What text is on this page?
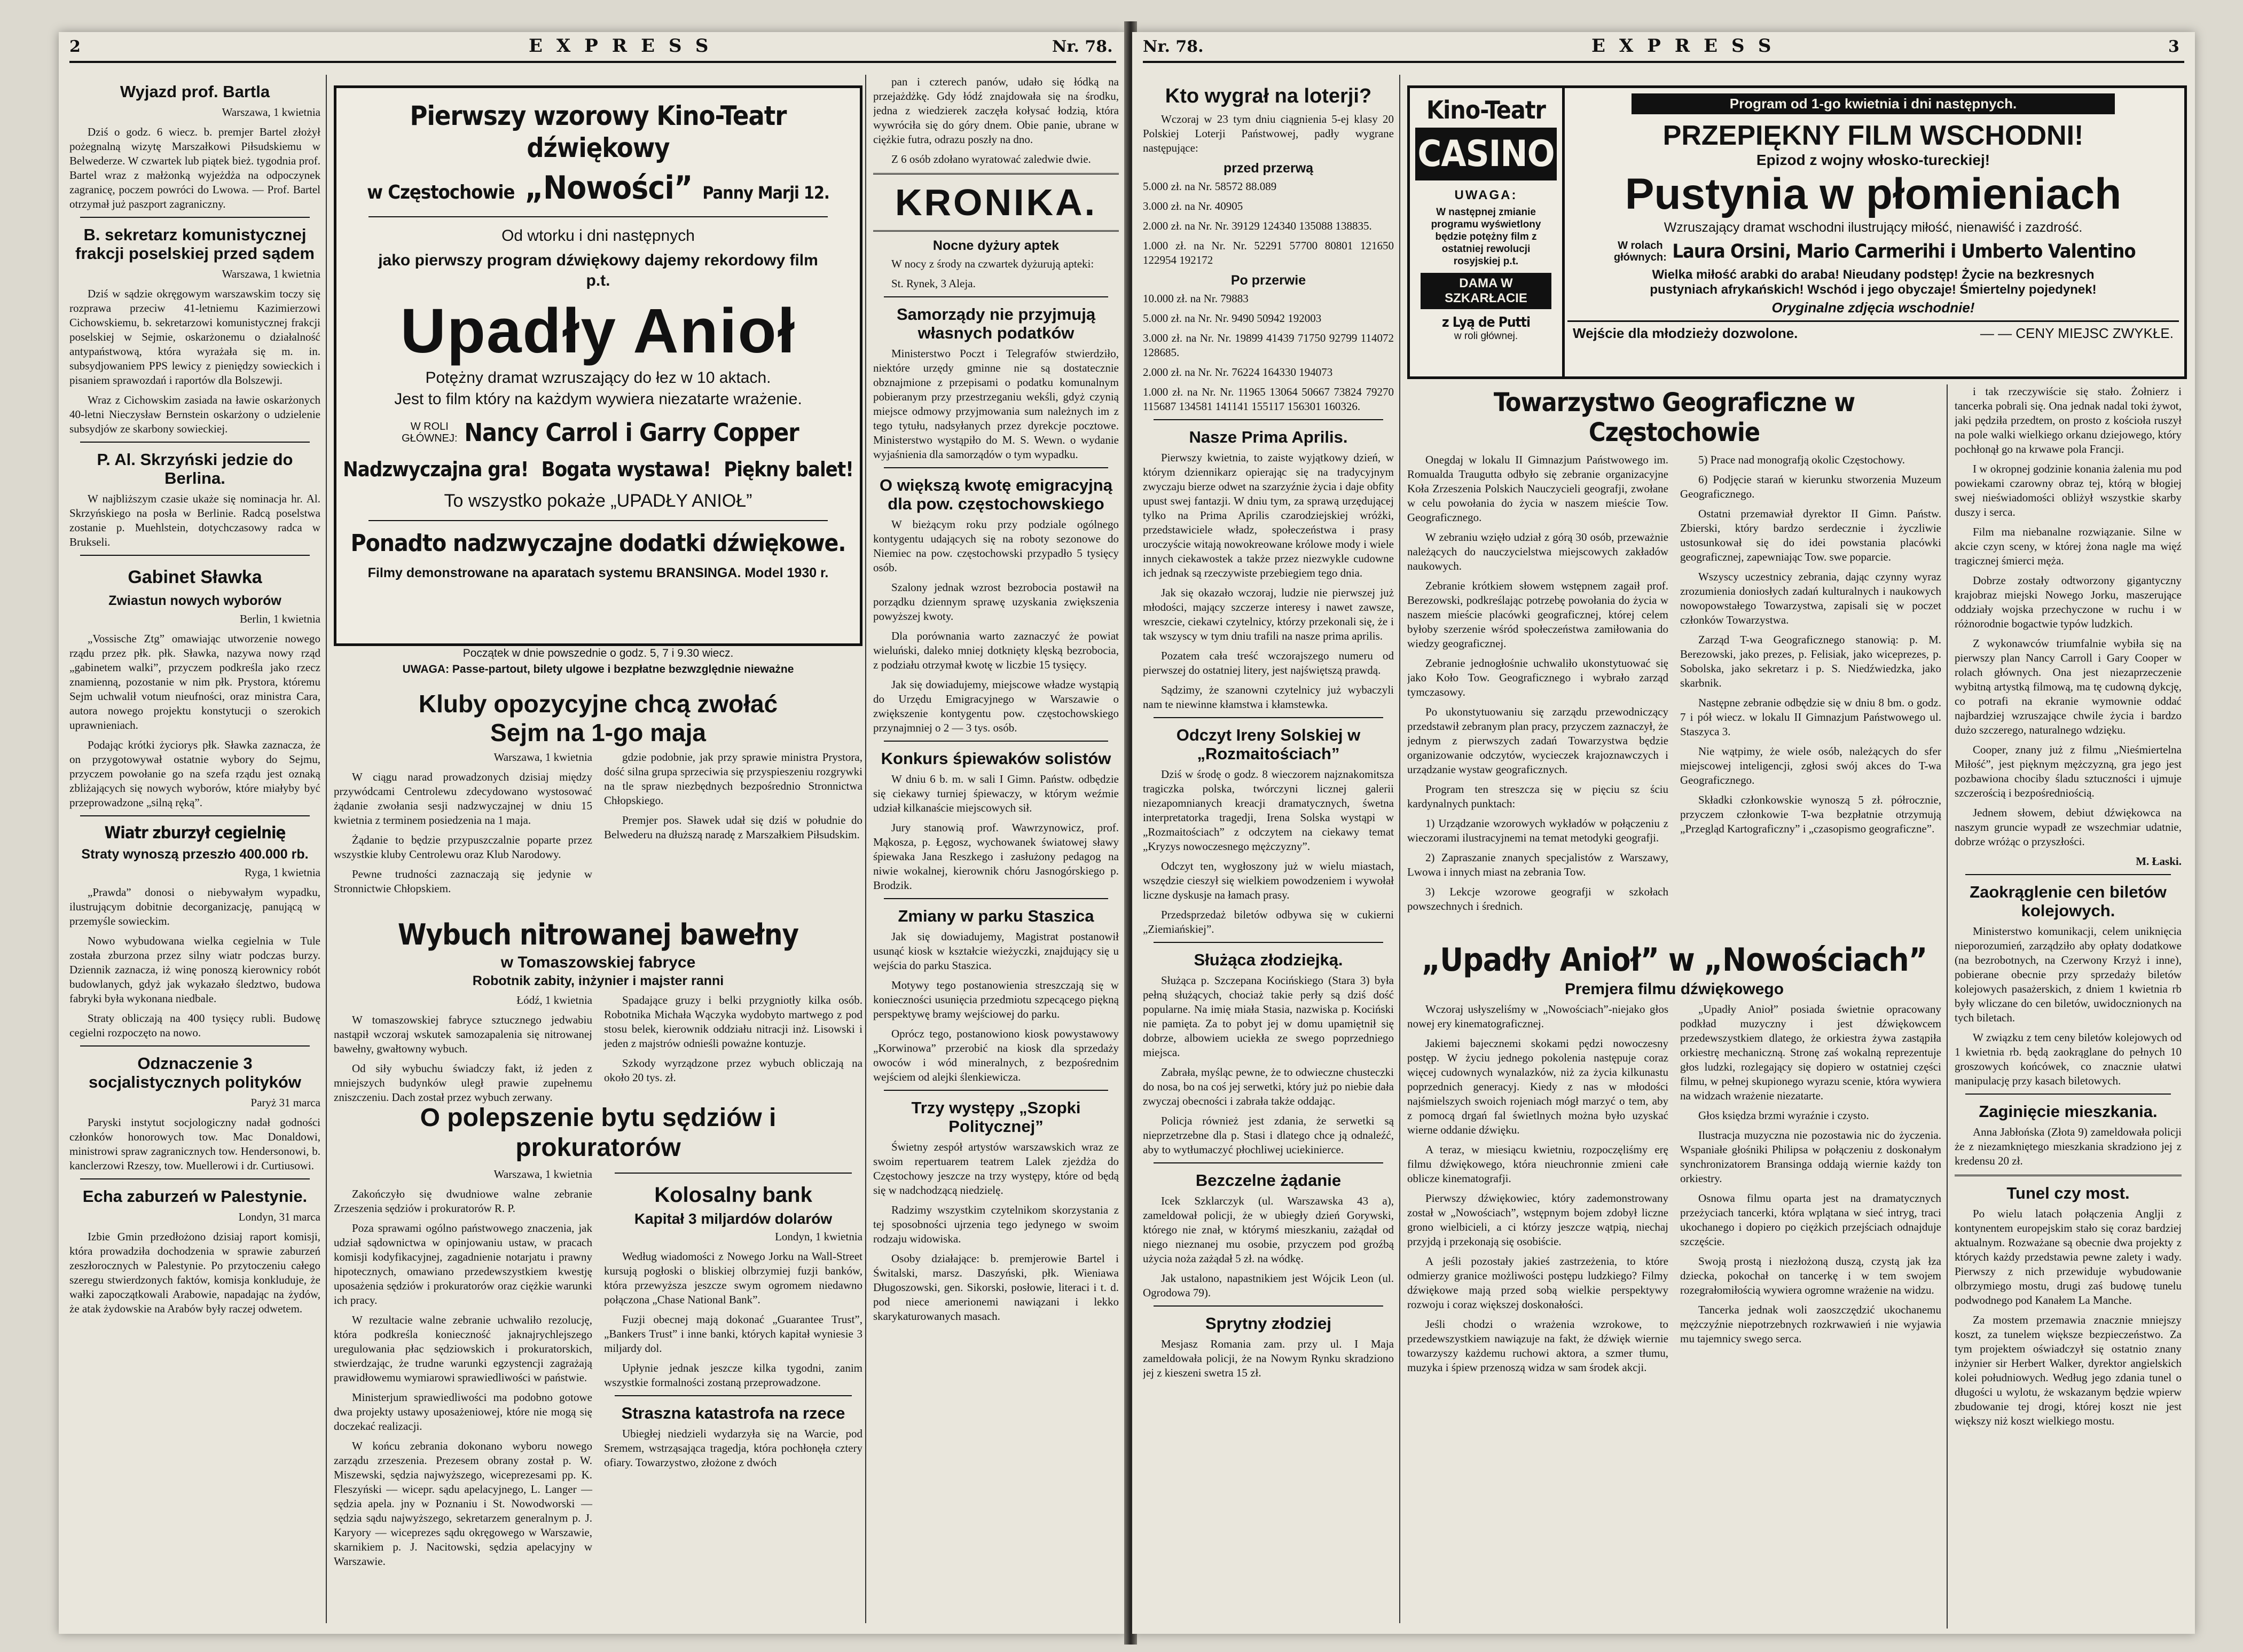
2	EXPRESS	Nr. 78.
Wyjazd prof. Bartla

Warszawa, 1 kwietnia

Dziś o godz. 6 wiecz. b. premjer Bartel złożył pożegnalną wizytę Marszałkowi Piłsudskiemu w Belwederze. W czwartek lub piątek bież. tygodnia prof. Bartel wraz z małżonką wyjeżdża na odpoczynek zagranicę, poczem powróci do Lwowa. — Prof. Bartel otrzymał już paszport zagraniczny.

B. sekretarz komunistycznej frakcji poselskiej przed sądem

Warszawa, 1 kwietnia

Dziś w sądzie okręgowym warszawskim toczy się rozprawa przeciw 41-letniemu Kazimierzowi Cichowskiemu, b. sekretarzowi komunistycznej frakcji poselskiej w Sejmie, oskarżonemu o działalność antypaństwową, która wyrażała się m. in. subsydjowaniem PPS lewicy z pieniędzy sowieckich i pisaniem sprawozdań i raportów dla Bolszewji.

Wraz z Cichowskim zasiada na ławie oskarżonych 40-letni Nieczysław Bernstein oskarżony o udzielenie subsydjów ze skarbony sowieckiej.

P. Al. Skrzyński jedzie do Berlina.

W najbliższym czasie ukaże się nominacja hr. Al. Skrzyńskiego na posła w Berlinie. Radcą poselstwa zostanie p. Muehlstein, dotychczasowy radca w Brukseli.

Gabinet Sławka
Zwiastun nowych wyborów

Berlin, 1 kwietnia

„Vossische Ztg” omawiając utworzenie nowego rządu przez płk. płk. Sławka, nazywa nowy rząd „gabinetem walki”, przyczem podkreśla jako rzecz znamienną, pozostanie w nim płk. Prystora, któremu Sejm uchwalił votum nieufności, oraz ministra Cara, autora nowego projektu konstytucji o szerokich uprawnieniach.

Podając krótki życiorys płk. Sławka zaznacza, że on przygotowywał ostatnie wybory do Sejmu, przyczem powołanie go na szefa rządu jest oznaką zbliżających się nowych wyborów, które miałyby być przeprowadzone „silną ręką”.

Wiatr zburzył cegielnię
Straty wynoszą przeszło 400.000 rb.

Ryga, 1 kwietnia

„Prawda” donosi o niebywałym wypadku, ilustrującym dobitnie decorganizację, panującą w przemyśle sowieckim.

Nowo wybudowana wielka cegielnia w Tule została zburzona przez silny wiatr podczas burzy. Dziennik zaznacza, iż winę ponoszą kierownicy robót budowlanych, gdyż jak wykazało śledztwo, budowa fabryki była wykonana niedbale.

Straty obliczają na 400 tysięcy rubli. Budowę cegielni rozpoczęto na nowo.

Odznaczenie 3 socjalistycznych polityków

Paryż 31 marca

Paryski instytut socjologiczny nadał godności członków honorowych tow. Mac Donaldowi, ministrowi spraw zagranicznych tow. Hendersonowi, b. kanclerzowi Rzeszy, tow. Muellerowi i dr. Curtiusowi.

Echa zaburzeń w Palestynie.

Londyn, 31 marca

Izbie Gmin przedłożono dzisiaj raport komisji, która prowadziła dochodzenia w sprawie zaburzeń zeszłorocznych w Palestynie. Po przytoczeniu całego szeregu stwierdzonych faktów, komisja konkluduje, że wałki zapoczątkowali Arabowie, napadając na żydów, że atak żydowskie na Arabów były raczej odwetem.

Pierwszy wzorowy Kino-Teatr dźwiękowy
w Częstochowie „Nowości” Panny Marji 12.
Od wtorku i dni następnych
jako pierwszy program dźwiękowy dajemy rekordowy film p.t.
Upadły Anioł
Potężny dramat wzruszający do łez w 10 aktach.
Jest to film który na każdym wywiera niezatarte wrażenie.
W ROLI GŁÓWNEJ: Nancy Carrol i Garry Copper
Nadzwyczajna gra! Bogata wystawa! Piękny balet!
To wszystko pokaże „UPADŁY ANIOŁ”
Ponadto nadzwyczajne dodatki dźwiękowe.
Filmy demonstrowane na aparatach systemu BRANSINGA. Model 1930 r.
Początek w dnie powszednie o godz. 5, 7 i 9.30 wiecz.
UWAGA: Passe-partout, bilety ulgowe i bezpłatne bezwzględnie nieważne
Kluby opozycyjne chcą zwołać Sejm na 1-go maja

Warszawa, 1 kwietnia

W ciągu narad prowadzonych dzisiaj między przywódcami Centrolewu zdecydowano wystosować żądanie zwołania sesji nadzwyczajnej w dniu 15 kwietnia z terminem posiedzenia na 1 maja.

Żądanie to będzie przypuszczalnie poparte przez wszystkie kluby Centrolewu oraz Klub Narodowy.

Pewne trudności zaznaczają się jedynie w Stronnictwie Chłopskiem.

gdzie podobnie, jak przy sprawie ministra Prystora, dość silna grupa sprzeciwia się przyspieszeniu rozgrywki na tle spraw niezbędnych bezpośrednio Stronnictwa Chłopskiego.

Premjer pos. Sławek udał się dziś w południe do Belwederu na dłuższą naradę z Marszałkiem Piłsudskim.

Wybuch nitrowanej bawełny
w Tomaszowskiej fabryce
Robotnik zabity, inżynier i majster ranni

Łódź, 1 kwietnia

W tomaszowskiej fabryce sztucznego jedwabiu nastąpił wczoraj wskutek samozapalenia się nitrowanej bawełny, gwałtowny wybuch.

Od siły wybuchu świadczy fakt, iż jeden z mniejszych budynków uległ prawie zupełnemu zniszczeniu. Dach został przez wybuch zerwany.

Spadające gruzy i belki przygniotły kilka osób. Robotnika Michała Wączyka wydobyto martwego z pod stosu belek, kierownik oddziału nitracji inż. Lisowski i jeden z majstrów odnieśli poważne kontuzje.

Szkody wyrządzone przez wybuch obliczają na około 20 tys. zł.

O polepszenie bytu sędziów i prokuratorów

Warszawa, 1 kwietnia

Zakończyło się dwudniowe walne zebranie Zrzeszenia sędziów i prokuratorów R. P.

Poza sprawami ogólno państwowego znaczenia, jak udział sądownictwa w opinjowaniu ustaw, w pracach komisji kodyfikacyjnej, zagadnienie notarjatu i prawny hipotecznych, omawiano przedewszystkiem kwestję uposażenia sędziów i prokuratorów oraz ciężkie warunki ich pracy.

W rezultacie walne zebranie uchwaliło rezolucję, która podkreśla konieczność jaknajrychlejszego uregulowania płac sędziowskich i prokuratorskich, stwierdzając, że trudne warunki egzystencji zagrażają prawidłowemu wymiarowi sprawiedliwości w państwie.

Ministerjum sprawiedliwości ma podobno gotowe dwa projekty ustawy uposażeniowej, które nie mogą się doczekać realizacji.

W końcu zebrania dokonano wyboru nowego zarządu zrzeszenia. Prezesem obrany został p. W. Miszewski, sędzia najwyższego, wiceprezesami pp. K. Fleszyński — wicepr. sądu apelacyjnego, L. Langer — sędzia apela. jny w Poznaniu i St. Nowodworski — sędzia sądu najwyższego, sekretarzem generalnym p. J. Karyory — wiceprezes sądu okręgowego w Warszawie, skarnikiem p. J. Nacitowski, sędzia apelacyjny w Warszawie.

Kolosalny bank
Kapitał 3 miljardów dolarów

Londyn, 1 kwietnia

Według wiadomości z Nowego Jorku na Wall-Street kursują pogłoski o bliskiej olbrzymiej fuzji banków, która przewyższa jeszcze swym ogromem niedawno połączona „Chase National Bank”.

Fuzji obecnej mają dokonać „Guarantee Trust”, „Bankers Trust” i inne banki, których kapitał wyniesie 3 miljardy dol.

Upłynie jednak jeszcze kilka tygodni, zanim wszystkie formalności zostaną przeprowadzone.

Straszna katastrofa na rzece

Ubiegłej niedzieli wydarzyła się na Warcie, pod Sremem, wstrząsająca tragedja, która pochłonęła cztery ofiary. Towarzystwo, złożone z dwóch

pan i czterech panów, udało się łódką na przejażdżkę. Gdy łódź znajdowała się na środku, jedna z wiedzierek zaczęła kołysać łodzią, która wywróciła się do góry dnem. Obie panie, ubrane w ciężkie futra, odrazu poszły na dno.

Z 6 osób zdołano wyratować zaledwie dwie.

KRONIKA.
Nocne dyżury aptek

W nocy z środy na czwartek dyżurują apteki:

St. Rynek, 3 Aleja.

Samorządy nie przyjmują własnych podatków

Ministerstwo Poczt i Telegrafów stwierdziło, niektóre urzędy gminne nie są dostatecznie obznajmione z przepisami o podatku komunalnym pobieranym przy przestrzeganiu wekśli, gdyż czynią miejsce odmowy przyjmowania sum należnych im z tego tytułu, nadsyłanych przez dyrekcje pocztowe. Ministerstwo wystąpiło do M. S. Wewn. o wydanie wyjaśnienia dla samorządów o tym wypadku.

O większą kwotę emigracyjną dla pow. częstochowskiego

W bieżącym roku przy podziale ogólnego kontygentu udających się na roboty sezonowe do Niemiec na pow. częstochowski przypadło 5 tysięcy osób.

Szalony jednak wzrost bezrobocia postawił na porządku dziennym sprawę uzyskania zwiększenia powyższej kwoty.

Dla porównania warto zaznaczyć że powiat wieluński, daleko mniej dotknięty klęską bezrobocia, z podziału otrzymał kwotę w liczbie 15 tysięcy.

Jak się dowiadujemy, miejscowe władze wystąpią do Urzędu Emigracyjnego w Warszawie o zwiększenie kontygentu pow. częstochowskiego przynajmniej o 2 — 3 tys. osób.

Konkurs śpiewaków solistów

W dniu 6 b. m. w sali I Gimn. Państw. odbędzie się ciekawy turniej śpiewaczy, w którym weźmie udział kilkanaście miejscowych sił.

Jury stanowią prof. Wawrzynowicz, prof. Mąkosza, p. Łęgosz, wychowanek światowej sławy śpiewaka Jana Reszkego i zasłużony pedagog na niwie wokalnej, kierownik chóru Jasnogórskiego p. Brodzik.

Zmiany w parku Staszica

Jak się dowiadujemy, Magistrat postanowił usunąć kiosk w kształcie wieżyczki, znajdujący się u wejścia do parku Staszica.

Motywy tego postanowienia streszczają się w konieczności usunięcia przedmiotu szpecącego piękną perspektywę bramy wejściowej do parku.

Oprócz tego, postanowiono kiosk powystawowy „Korwinowa” przerobić na kiosk dla sprzedaży owoców i wód mineralnych, z bezpośrednim wejściem od alejki ślenkiewicza.

Trzy występy „Szopki Politycznej”

Świetny zespół artystów warszawskich wraz ze swoim repertuarem teatrem Lalek zjeżdża do Częstochowy jeszcze na trzy występy, które od będą się w nadchodzącą niedzielę.

Radzimy wszystkim czytelnikom skorzystania z tej sposobności ujrzenia tego jedynego w swoim rodzaju widowiska.

Osoby działające: b. premjerowie Bartel i Świtalski, marsz. Daszyński, płk. Wieniawa Długoszowski, gen. Sikorski, posłowie, literaci i t. d. pod niece amerionemi nawiązani i lekko skarykaturowanych masach.

Nr. 78.	EXPRESS	3
Kto wygrał na loterji?

Wczoraj w 23 tym dniu ciągnienia 5-ej klasy 20 Polskiej Loterji Państwowej, padły wygrane następujące:

przed przerwą

5.000 zł. na Nr. 58572 88.089

3.000 zł. na Nr. 40905

2.000 zł. na Nr. Nr. 39129 124340 135088 138835.

1.000 zł. na Nr. Nr. 52291 57700 80801 121650 122954 192172

Po przerwie

10.000 zł. na Nr. 79883

5.000 zł. na Nr. Nr. 9490 50942 192003

3.000 zł. na Nr. Nr. 19899 41439 71750 92799 114072 128685.

2.000 zł. na Nr. Nr. 76224 164330 194073

1.000 zł. na Nr. Nr. 11965 13064 50667 73824 79270 115687 134581 141141 155117 156301 160326.

Nasze Prima Aprilis.

Pierwszy kwietnia, to zaiste wyjątkowy dzień, w którym dziennikarz opierając się na tradycyjnym zwyczaju bierze odwet na szarzyźnie życia i daje obfity upust swej fantazji. W dniu tym, za sprawą urzędującej tylko na Prima Aprilis czarodziejskiej wróżki, przedstawiciele władz, społeczeństwa i prasy uroczyście witają nowokreowane królowe mody i wiele innych ciekawostek a także przez niezwykle cudowne ich jednak są rzeczywiste przebiegiem tego dnia.

Jak się okazało wczoraj, ludzie nie pierwszej już młodości, mający szczerze interesy i nawet zawsze, wreszcie, ciekawi czytelnicy, którzy przekonali się, że i tak wszyscy w tym dniu trafili na nasze prima aprilis.

Pozatem cała treść wczorajszego numeru od pierwszej do ostatniej litery, jest najświętszą prawdą.

Sądzimy, że szanowni czytelnicy już wybaczyli nam te niewinne kłamstwa i kłamstewka.

Odczyt Ireny Solskiej w „Rozmaitościach”

Dziś w środę o godz. 8 wieczorem najznakomitsza tragiczka polska, twórczyni licznej galerii niezapomnianych kreacji dramatycznych, śwetna interpretatorka tragedji, Irena Solska wystąpi w „Rozmaitościach” z odczytem na ciekawy temat „Kryzys nowoczesnego mężczyzny”.

Odczyt ten, wygłoszony już w wielu miastach, wszędzie cieszył się wielkiem powodzeniem i wywołał liczne dyskusje na łamach prasy.

Przedsprzedaż biletów odbywa się w cukierni „Ziemiańskiej”.

Służąca złodziejką.

Służąca p. Szczepana Kocińskiego (Stara 3) była pełną służących, chociaż takie perły są dziś dość popularne. Na imię miała Stasia, nazwiska p. Kociński nie pamięta. Za to pobyt jej w domu upamiętnił się dobrze, albowiem uciekła ze swego poprzedniego miejsca.

Zabrała, myśląc pewne, że to odwieczne chusteczki do nosa, bo na coś jej serwetki, który już po niebie dała zwyczaj obecności i zabrała także oddając.

Policja również jest zdania, że serwetki są nieprzetrzebne dla p. Stasi i dlatego chce ją odnaleźć, aby to wytłumaczyć płochliwej uciekinierce.

Bezczelne żądanie

Icek Szklarczyk (ul. Warszawska 43 a), zameldował policji, że w ubiegły dzień Gorywski, którego nie znał, w którymś mieszkaniu, zażądał od niego nieznanej mu osobie, przyczem pod groźbą użycia noża zażądał 5 zł. na wódkę.

Jak ustalono, napastnikiem jest Wójcik Leon (ul. Ogrodowa 79).

Sprytny złodziej

Mesjasz Romania zam. przy ul. I Maja zameldowała policji, że na Nowym Rynku skradziono jej z kieszeni swetra 15 zł.

Kino-Teatr
CASINO
UWAGA:
W następnej zmianie programu wyświetlony będzie potężny film z ostatniej rewolucji rosyjskiej p.t.
DAMA W SZKARŁACIE
z Lyą de Putti
w roli głównej.
Program od 1-go kwietnia i dni następnych.
PRZEPIĘKNY FILM WSCHODNI!
Epizod z wojny włosko-tureckiej!
Pustynia w płomieniach
Wzruszający dramat wschodni ilustrujący miłość, nienawiść i zazdrość.
W rolach głównych: Laura Orsini, Mario Carmerihi i Umberto Valentino
Wielka miłość arabki do araba! Nieudany podstęp! Życie na bezkresnych
pustyniach afrykańskich! Wschód i jego obyczaje! Śmiertelny pojedynek!
Oryginalne zdjęcia wschodnie!
Wejście dla młodzieży dozwolone.	— — CENY MIEJSC ZWYKŁE.
Towarzystwo Geograficzne w Częstochowie

Onegdaj w lokalu II Gimnazjum Państwowego im. Romualda Traugutta odbyło się zebranie organizacyjne Koła Zrzeszenia Polskich Nauczycieli geografji, zwołane w celu powołania do życia w naszem mieście Tow. Geograficznego.

W zebraniu wzięło udział z górą 30 osób, przeważnie należących do nauczycielstwa miejscowych zakładów naukowych.

Zebranie krótkiem słowem wstępnem zagaił prof. Berezowski, podkreślając potrzebę powołania do życia w naszem mieście placówki geograficznej, której celem byłoby szerzenie wśród społeczeństwa zamiłowania do wiedzy geograficznej.

Zebranie jednogłośnie uchwaliło ukonstytuować się jako Koło Tow. Geograficznego i wybrało zarząd tymczasowy.

Po ukonstytuowaniu się zarządu przewodniczący przedstawił zebranym plan pracy, przyczem zaznaczył, że jednym z pierwszych zadań Towarzystwa będzie organizowanie odczytów, wycieczek krajoznawczych i urządzanie wystaw geograficznych.

Program ten streszcza się w pięciu sz ściu kardynalnych punktach:

1) Urządzanie wzorowych wykładów w połączeniu z wieczorami ilustracyjnemi na temat metodyki geografji.

2) Zapraszanie znanych specjalistów z Warszawy, Lwowa i innych miast na zebrania Tow.

3) Lekcje wzorowe geografji w szkołach powszechnych i średnich.

5) Prace nad monografją okolic Częstochowy.

6) Podjęcie starań w kierunku stworzenia Muzeum Geograficznego.

Ostatni przemawiał dyrektor II Gimn. Państw. Zbierski, który bardzo serdecznie i życzliwie ustosunkował się do idei powstania placówki geograficznej, zapewniając Tow. swe poparcie.

Wszyscy uczestnicy zebrania, dając czynny wyraz zrozumienia doniosłych zadań kulturalnych i naukowych nowopowstałego Towarzystwa, zapisali się w poczet członków Towarzystwa.

Zarząd T-wa Geograficznego stanowią: p. M. Berezowski, jako prezes, p. Felisiak, jako wiceprezes, p. Sobolska, jako sekretarz i p. S. Niedźwiedzka, jako skarbnik.

Następne zebranie odbędzie się w dniu 8 bm. o godz. 7 i pół wiecz. w lokalu II Gimnazjum Państwowego ul. Staszyca 3.

Nie wątpimy, że wiele osób, należących do sfer miejscowej inteligencji, zgłosi swój akces do T-wa Geograficznego.

Składki członkowskie wynoszą 5 zł. półrocznie, przyczem członkowie T-wa bezpłatnie otrzymują „Przegląd Kartograficzny” i „czasopismo geograficzne”.

„Upadły Anioł” w „Nowościach”
Premjera filmu dźwiękowego

Wczoraj usłyszeliśmy w „Nowościach”-niejako głos nowej ery kinematograficznej.

Jakiemi bajecznemi skokami pędzi nowoczesny postęp. W życiu jednego pokolenia następuje coraz więcej cudownych wynalazków, niż za życia kilkunastu poprzednich generacyj. Kiedy z nas w młodości najśmielszych swoich rojeniach mógł marzyć o tem, aby z pomocą drgań fal świetlnych można było uzyskać wierne oddanie dźwięku.

A teraz, w miesiącu kwietniu, rozpoczęliśmy erę filmu dźwiękowego, która nieuchronnie zmieni całe oblicze kinematografji.

Pierwszy dźwiękowiec, który zademonstrowany został w „Nowościach”, wstępnym bojem zdobył liczne grono wielbicieli, a ci którzy jeszcze wątpią, niechaj przyjdą i przekonają się osobiście.

A jeśli pozostały jakieś zastrzeżenia, to które odmierzy granice możliwości postępu ludzkiego? Filmy dźwiękowe mają przed sobą wielkie perspektywy rozwoju i coraz większej doskonałości.

Jeśli chodzi o wrażenia wzrokowe, to przedewszystkiem nawiązuje na fakt, że dźwięk wiernie towarzyszy każdemu ruchowi aktora, a szmer tłumu, muzyka i śpiew przenoszą widza w sam środek akcji.

„Upadły Anioł” posiada świetnie opracowany podkład muzyczny i jest dźwiękowcem przedewszystkiem dlatego, że orkiestra żywa zastąpiła orkiestrę mechaniczną. Stronę zaś wokalną reprezentuje głos ludzki, rozlegający się dopiero w ostatniej części filmu, w pełnej skupionego wyrazu scenie, która wywiera na widzach wrażenie niezatarte.

Głos księdza brzmi wyraźnie i czysto.

Ilustracja muzyczna nie pozostawia nic do życzenia. Wspaniałe głośniki Philipsa w połączeniu z doskonałym synchronizatorem Bransinga oddają wiernie każdy ton orkiestry.

Osnowa filmu oparta jest na dramatycznych przeżyciach tancerki, która wplątana w sieć intryg, traci ukochanego i dopiero po ciężkich przejściach odnajduje szczęście.

Swoją prostą i niezłożoną duszą, czystą jak łza dziecka, pokochał on tancerkę i w tem swojem rozegrałomiłością wywiera ogromne wrażenie na widzu.

Tancerka jednak woli zaoszczędzić ukochanemu mężczyźnie niepotrzebnych rozkrwawień i nie wyjawia mu tajemnicy swego serca.

i tak rzeczywiście się stało. Żołnierz i tancerka pobrali się. Ona jednak nadal toki żywot, jaki pędziła przedtem, on prosto z kościoła ruszył na pole walki wielkiego orkanu dziejowego, który pochłonął go na krwawe pola Francji.

I w okropnej godzinie konania żalenia mu pod powiekami czarowny obraz tej, którą w błogiej swej nieświadomości obliżył wszystkie skarby duszy i serca.

Film ma niebanalne rozwiązanie. Silne w akcie czyn sceny, w której żona nagle ma więź tragicznej śmierci męża.

Dobrze zostały odtworzony gigantyczny krajobraz miejski Nowego Jorku, maszerujące oddziały wojska przechyczone w ruchu i w różnorodnie bogactwie typów ludzkich.

Z wykonawców triumfalnie wybiła się na pierwszy plan Nancy Carroll i Gary Cooper w rolach głównych. Ona jest niezaprzeczenie wybitną artystką filmową, ma tę cudowną dykcję, co potrafi na ekranie wymownie oddać najbardziej wzruszające chwile życia i bardzo dużo szczerego, naturalnego wdzięku.

Cooper, znany już z filmu „Nieśmiertelna Miłość”, jest pięknym mężczyzną, gra jego jest pozbawiona chociby śladu sztuczności i ujmuje szczerością i bezpośredniością.

Jednem słowem, debiut dźwiękowca na naszym gruncie wypadł ze wszechmiar udatnie, dobrze wróżąc o przyszłości.

M. Łaski.

Zaokrąglenie cen biletów kolejowych.

Ministerstwo komunikacji, celem uniknięcia nieporozumień, zarządziło aby opłaty dodatkowe (na bezrobotnych, na Czerwony Krzyż i inne), pobierane obecnie przy sprzedaży biletów kolejowych pasażerskich, z dniem 1 kwietnia rb były wliczane do cen biletów, uwidocznionych na tych biletach.

W związku z tem ceny biletów kolejowych od 1 kwietnia rb. będą zaokrąglane do pełnych 10 groszowych końcówek, co znacznie ułatwi manipulację przy kasach biletowych.

Zaginięcie mieszkania.

Anna Jabłońska (Złota 9) zameldowała policji że z niezamkniętego mieszkania skradziono jej z kredensu 20 zł.

Tunel czy most.

Po wielu latach połączenia Anglji z kontynentem europejskim stało się coraz bardziej aktualnym. Rozważane są obecnie dwa projekty z których każdy przedstawia pewne zalety i wady. Pierwszy z nich przewiduje wybudowanie olbrzymiego mostu, drugi zaś budowę tunelu podwodnego pod Kanałem La Manche.

Za mostem przemawia znacznie mniejszy koszt, za tunelem większe bezpieczeństwo. Za tym projektem oświadczył się ostatnio znany inżynier sir Herbert Walker, dyrektor angielskich kolei południowych. Według jego zdania tunel o długości u wylotu, że wskazanym będzie wpierw zbudowanie tej drogi, której koszt nie jest większy niż koszt wielkiego mostu.
